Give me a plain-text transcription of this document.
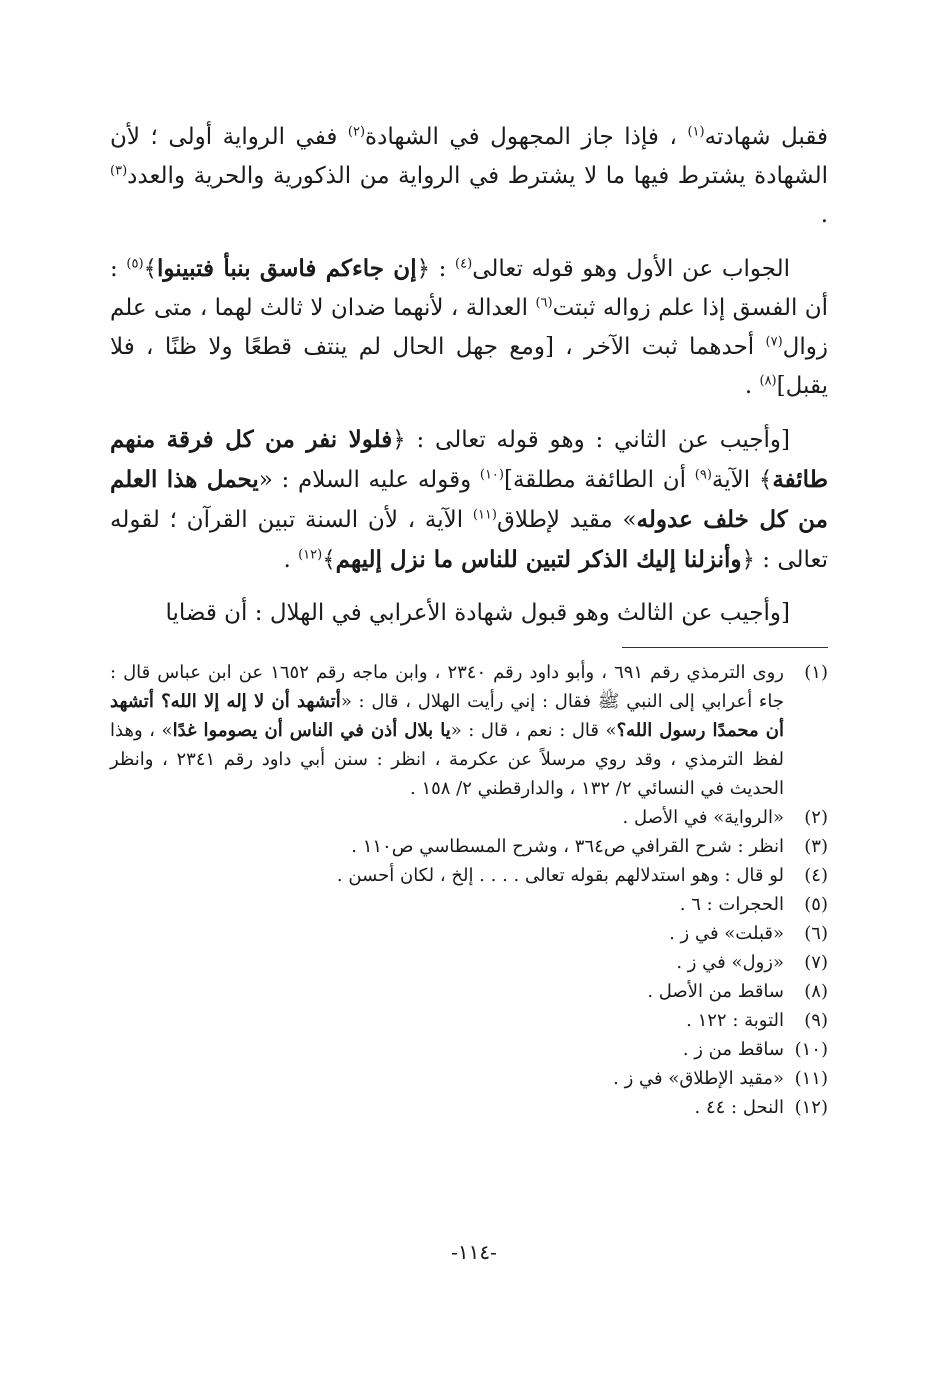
فقبل شهادته$^{(١)}$ ، فإذا جاز المجهول في الشهادة$^{(٢)}$ ففي الرواية أولى ؛ لأن الشهادة يشترط فيها ما لا يشترط في الرواية من الذكورية والحرية والعدد$^{(٣)}$ .

الجواب عن الأول وهو قوله تعالى$^{(٤)}$ : ﴿إن جاءكم فاسق بنبأ فتبينوا﴾$^{(٥)}$ : أن الفسق إذا علم زواله ثبتت$^{(٦)}$ العدالة ، لأنهما ضدان لا ثالث لهما ، متى علم زوال$^{(٧)}$ أحدهما ثبت الآخر ، [ومع جهل الحال لم ينتف قطعًا ولا ظنًا ، فلا يقبل]$^{(٨)}$ .

[وأجيب عن الثاني : وهو قوله تعالى : ﴿فلولا نفر من كل فرقة منهم طائفة﴾ الآية$^{(٩)}$ أن الطائفة مطلقة]$^{(١٠)}$ وقوله عليه السلام : «يحمل هذا العلم من كل خلف عدوله» مقيد لإطلاق$^{(١١)}$ الآية ، لأن السنة تبين القرآن ؛ لقوله تعالى : ﴿وأنزلنا إليك الذكر لتبين للناس ما نزل إليهم﴾$^{(١٢)}$ .

[وأجيب عن الثالث وهو قبول شهادة الأعرابي في الهلال : أن قضايا

(١)
روى الترمذي رقم ٦٩١ ، وأبو داود رقم ٢٣٤٠ ، وابن ماجه رقم ١٦٥٢ عن ابن عباس قال : جاء أعرابي إلى النبي ﷺ فقال : إني رأيت الهلال ، قال : «أتشهد أن لا إله إلا الله؟ أتشهد أن محمدًا رسول الله؟» قال : نعم ، قال : «يا بلال أذن في الناس أن يصوموا غدًا» ، وهذا لفظ الترمذي ، وقد روي مرسلاً عن عكرمة ، انظر : سنن أبي داود رقم ٢٣٤١ ، وانظر الحديث في النسائي ٢/ ١٣٢ ، والدارقطني ٢/ ١٥٨ .
(٢)
«الرواية» في الأصل .
(٣)
انظر : شرح القرافي ص٣٦٤ ، وشرح المسطاسي ص١١٠ .
(٤)
لو قال : وهو استدلالهم بقوله تعالى . . . . إلخ ، لكان أحسن .
(٥)
الحجرات : ٦ .
(٦)
«قبلت» في ز .
(٧)
«زول» في ز .
(٨)
ساقط من الأصل .
(٩)
التوبة : ١٢٢ .
(١٠)
ساقط من ز .
(١١)
«مقيد الإطلاق» في ز .
(١٢)
النحل : ٤٤ .
-١١٤-
